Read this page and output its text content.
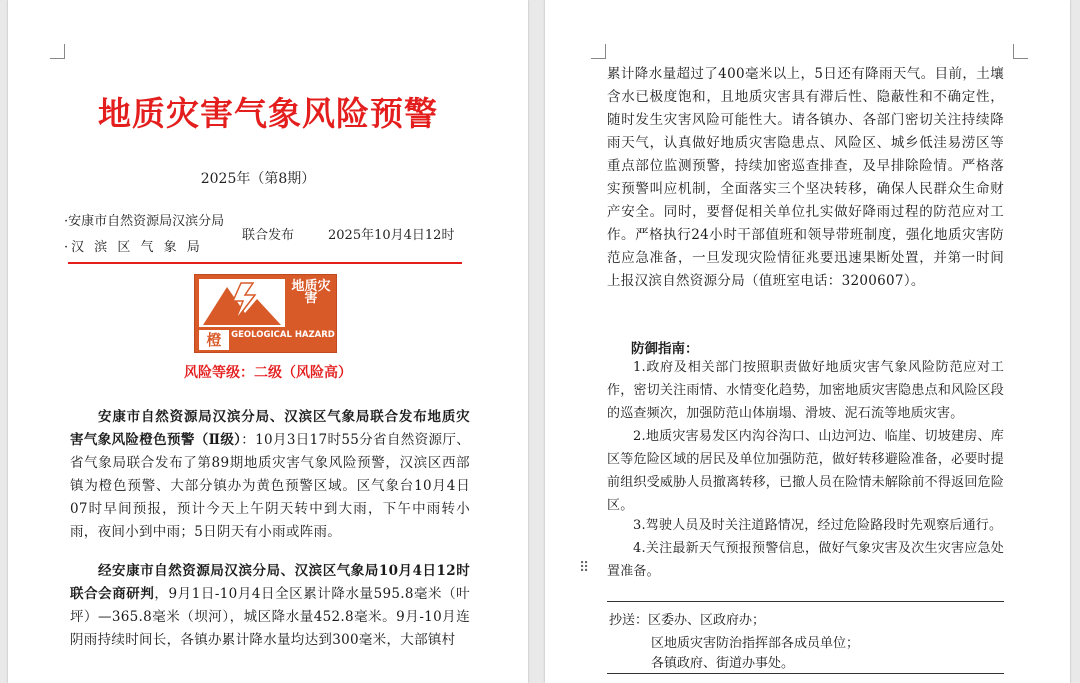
地质灾害气象风险预警
2025年（第8期）
·安康市自然资源局汉滨分局
·汉 滨 区 气 象 局
联合发布	2025年10月4日12时
地质灾害
橙	GEOLOGICAL HAZARD
风险等级：二级（风险高）
安康市自然资源局汉滨分局、汉滨区气象局联合发布地质灾害气象风险橙色预警（Ⅱ级）：10月3日17时55分省自然资源厅、省气象局联合发布了第89期地质灾害气象风险预警，汉滨区西部镇为橙色预警、大部分镇办为黄色预警区域。区气象台10月4日07时早间预报，预计今天上午阴天转中到大雨，下午中雨转小雨，夜间小到中雨；5日阴天有小雨或阵雨。
经安康市自然资源局汉滨分局、汉滨区气象局10月4日12时联合会商研判，9月1日-10月4日全区累计降水量595.8毫米（叶坪）—365.8毫米（坝河），城区降水量452.8毫米。9月-10月连阴雨持续时间长，各镇办累计降水量均达到300毫米，大部镇村
⠿
累计降水量超过了400毫米以上，5日还有降雨天气。目前，土壤含水已极度饱和，且地质灾害具有滞后性、隐蔽性和不确定性，随时发生灾害风险可能性大。请各镇办、各部门密切关注持续降雨天气，认真做好地质灾害隐患点、风险区、城乡低洼易涝区等重点部位监测预警，持续加密巡查排查，及早排除险情。严格落实预警叫应机制，全面落实三个坚决转移，确保人民群众生命财产安全。同时，要督促相关单位扎实做好降雨过程的防范应对工作。严格执行24小时干部值班和领导带班制度，强化地质灾害防范应急准备，一旦发现灾险情征兆要迅速果断处置，并第一时间上报汉滨自然资源分局（值班室电话：3200607）。
防御指南：
1.政府及相关部门按照职责做好地质灾害气象风险防范应对工作，密切关注雨情、水情变化趋势，加密地质灾害隐患点和风险区段的巡查频次，加强防范山体崩塌、滑坡、泥石流等地质灾害。
2.地质灾害易发区内沟谷沟口、山边河边、临崖、切坡建房、库区等危险区域的居民及单位加强防范，做好转移避险准备，必要时提前组织受威胁人员撤离转移，已撤人员在险情未解除前不得返回危险区。
3.驾驶人员及时关注道路情况，经过危险路段时先观察后通行。
4.关注最新天气预报预警信息，做好气象灾害及次生灾害应急处置准备。
抄送：区委办、区政府办；
区地质灾害防治指挥部各成员单位；
各镇政府、街道办事处。
